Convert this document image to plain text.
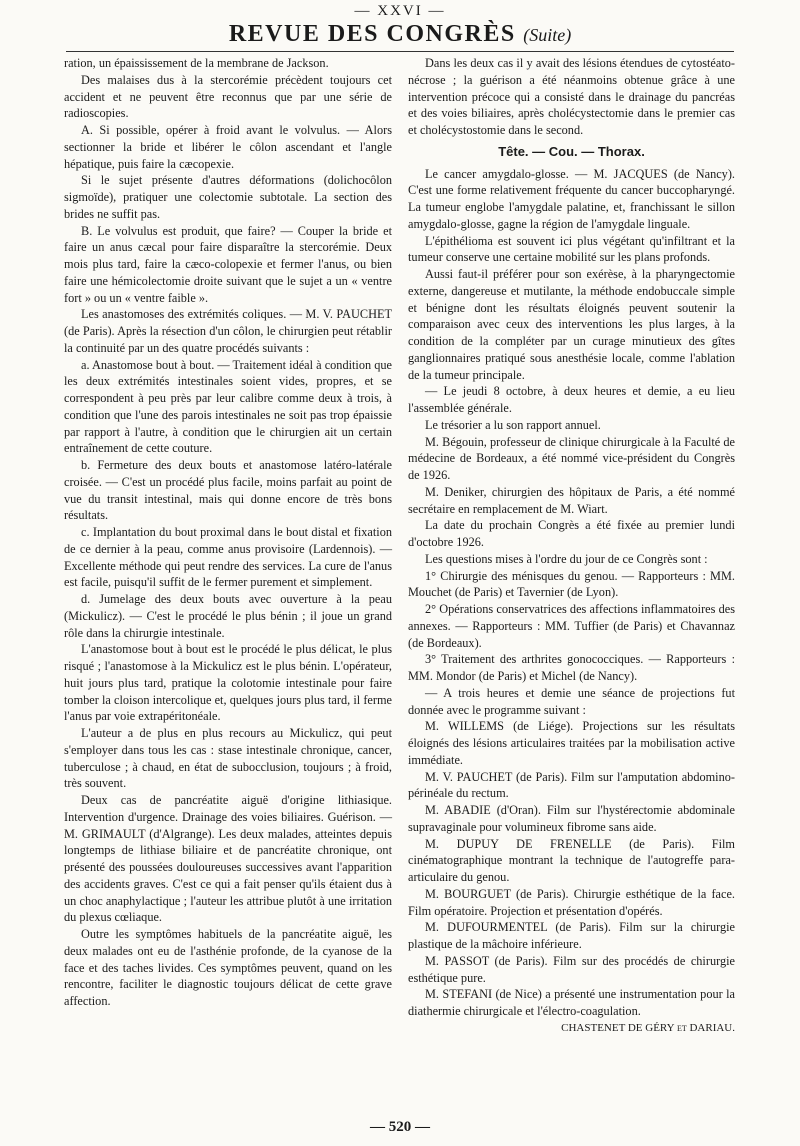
— XXVI —
REVUE DES CONGRÈS (Suite)

ration, un épaississement de la membrane de Jackson.

Des malaises dus à la stercorémie précèdent toujours cet accident et ne peuvent être reconnus que par une série de radioscopies.

A. Si possible, opérer à froid avant le volvulus. — Alors sectionner la bride et libérer le côlon ascendant et l'angle hépatique, puis faire la cæcopexie.

Si le sujet présente d'autres déformations (dolichocôlon sigmoïde), pratiquer une colectomie subtotale. La section des brides ne suffit pas.

B. Le volvulus est produit, que faire? — Couper la bride et faire un anus cæcal pour faire disparaître la stercorémie. Deux mois plus tard, faire la cæco-colopexie et fermer l'anus, ou bien faire une hémicolectomie droite suivant que le sujet a un « ventre fort » ou un « ventre faible ».

Les anastomoses des extrémités coliques. — M. V. PAUCHET (de Paris). Après la résection d'un côlon, le chirurgien peut rétablir la continuité par un des quatre procédés suivants :

a. Anastomose bout à bout. — Traitement idéal à condition que les deux extrémités intestinales soient vides, propres, et se correspondent à peu près par leur calibre comme deux à trois, à condition que l'une des parois intestinales ne soit pas trop épaissie par rapport à l'autre, à condition que le chirurgien ait un certain entraînement de cette couture.

b. Fermeture des deux bouts et anastomose latéro-latérale croisée. — C'est un procédé plus facile, moins parfait au point de vue du transit intestinal, mais qui donne encore de très bons résultats.

c. Implantation du bout proximal dans le bout distal et fixation de ce dernier à la peau, comme anus provisoire (Lardennois). — Excellente méthode qui peut rendre des services. La cure de l'anus est facile, puisqu'il suffit de le fermer purement et simplement.

d. Jumelage des deux bouts avec ouverture à la peau (Mickulicz). — C'est le procédé le plus bénin ; il joue un grand rôle dans la chirurgie intestinale.

L'anastomose bout à bout est le procédé le plus délicat, le plus risqué ; l'anastomose à la Mickulicz est le plus bénin. L'opérateur, huit jours plus tard, pratique la colotomie intestinale pour faire tomber la cloison intercolique et, quelques jours plus tard, il ferme l'anus par voie extrapéritonéale.

L'auteur a de plus en plus recours au Mickulicz, qui peut s'employer dans tous les cas : stase intestinale chronique, cancer, tuberculose ; à chaud, en état de subocclusion, toujours ; à froid, très souvent.

Deux cas de pancréatite aiguë d'origine lithiasique. Intervention d'urgence. Drainage des voies biliaires. Guérison. — M. GRIMAULT (d'Algrange). Les deux malades, atteintes depuis longtemps de lithiase biliaire et de pancréatite chronique, ont présenté des poussées douloureuses successives avant l'apparition des accidents graves. C'est ce qui a fait penser qu'ils étaient dus à un choc anaphylactique ; l'auteur les attribue plutôt à une irritation du plexus cœliaque.

Outre les symptômes habituels de la pancréatite aiguë, les deux malades ont eu de l'asthénie profonde, de la cyanose de la face et des taches livides. Ces symptômes peuvent, quand on les rencontre, faciliter le diagnostic toujours délicat de cette grave affection.

Dans les deux cas il y avait des lésions étendues de cytostéato-nécrose ; la guérison a été néanmoins obtenue grâce à une intervention précoce qui a consisté dans le drainage du pancréas et des voies biliaires, après cholécystectomie dans le premier cas et cholécystostomie dans le second.

Tête. — Cou. — Thorax.

Le cancer amygdalo-glosse. — M. JACQUES (de Nancy). C'est une forme relativement fréquente du cancer buccopharyngé. La tumeur englobe l'amygdale palatine, et, franchissant le sillon amygdalo-glosse, gagne la région de l'amygdale linguale.

L'épithélioma est souvent ici plus végétant qu'infiltrant et la tumeur conserve une certaine mobilité sur les plans profonds.

Aussi faut-il préférer pour son exérèse, à la pharyngectomie externe, dangereuse et mutilante, la méthode endobuccale simple et bénigne dont les résultats éloignés peuvent soutenir la comparaison avec ceux des interventions les plus larges, à la condition de la compléter par un curage minutieux des gîtes ganglionnaires pratiqué sous anesthésie locale, comme l'ablation de la tumeur principale.

— Le jeudi 8 octobre, à deux heures et demie, a eu lieu l'assemblée générale.

Le trésorier a lu son rapport annuel.

M. Bégouin, professeur de clinique chirurgicale à la Faculté de médecine de Bordeaux, a été nommé vice-président du Congrès de 1926.

M. Deniker, chirurgien des hôpitaux de Paris, a été nommé secrétaire en remplacement de M. Wiart.

La date du prochain Congrès a été fixée au premier lundi d'octobre 1926.

Les questions mises à l'ordre du jour de ce Congrès sont :

1° Chirurgie des ménisques du genou. — Rapporteurs : MM. Mouchet (de Paris) et Tavernier (de Lyon).

2° Opérations conservatrices des affections inflammatoires des annexes. — Rapporteurs : MM. Tuffier (de Paris) et Chavannaz (de Bordeaux).

3° Traitement des arthrites gonococciques. — Rapporteurs : MM. Mondor (de Paris) et Michel (de Nancy).

— A trois heures et demie une séance de projections fut donnée avec le programme suivant :

M. WILLEMS (de Liége). Projections sur les résultats éloignés des lésions articulaires traitées par la mobilisation active immédiate.

M. V. PAUCHET (de Paris). Film sur l'amputation abdomino-périnéale du rectum.

M. ABADIE (d'Oran). Film sur l'hystérectomie abdominale supravaginale pour volumineux fibrome sans aide.

M. DUPUY DE FRENELLE (de Paris). Film cinématographique montrant la technique de l'autogreffe para-articulaire du genou.

M. BOURGUET (de Paris). Chirurgie esthétique de la face. Film opératoire. Projection et présentation d'opérés.

M. DUFOURMENTEL (de Paris). Film sur la chirurgie plastique de la mâchoire inférieure.

M. PASSOT (de Paris). Film sur des procédés de chirurgie esthétique pure.

M. STEFANI (de Nice) a présenté une instrumentation pour la diathermie chirurgicale et l'électro-coagulation.

CHASTENET DE GÉRY et DARIAU.

— 520 —
